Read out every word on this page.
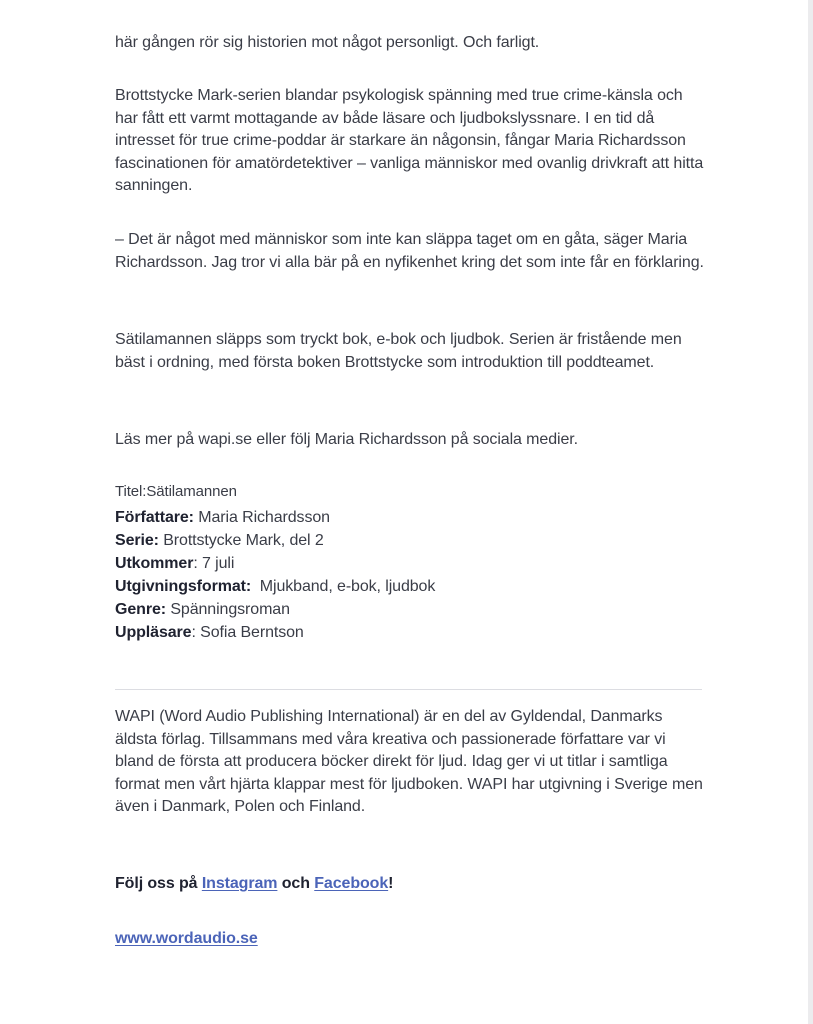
här gången rör sig historien mot något personligt. Och farligt.

Brottstycke Mark-serien blandar psykologisk spänning med true crime-känsla och har fått ett varmt mottagande av både läsare och ljudbokslyssnare. I en tid då intresset för true crime-poddar är starkare än någonsin, fångar Maria Richardsson fascinationen för amatördetektiver – vanliga människor med ovanlig drivkraft att hitta sanningen.

– Det är något med människor som inte kan släppa taget om en gåta, säger Maria Richardsson. Jag tror vi alla bär på en nyfikenhet kring det som inte får en förklaring.

Sätilamannen släpps som tryckt bok, e-bok och ljudbok. Serien är fristående men bäst i ordning, med första boken Brottstycke som introduktion till poddteamet.

Läs mer på wapi.se eller följ Maria Richardsson på sociala medier.

Titel:Sätilamannen
Författare: Maria Richardsson
Serie: Brottstycke Mark, del 2
Utkommer: 7 juli
Utgivningsformat:  Mjukband, e-bok, ljudbok
Genre: Spänningsroman
Uppläsare: Sofia Berntson

WAPI (Word Audio Publishing International) är en del av Gyldendal, Danmarks äldsta förlag. Tillsammans med våra kreativa och passionerade författare var vi bland de första att producera böcker direkt för ljud. Idag ger vi ut titlar i samtliga format men vårt hjärta klappar mest för ljudboken. WAPI har utgivning i Sverige men även i Danmark, Polen och Finland.

Följ oss på Instagram och Facebook!

www.wordaudio.se
